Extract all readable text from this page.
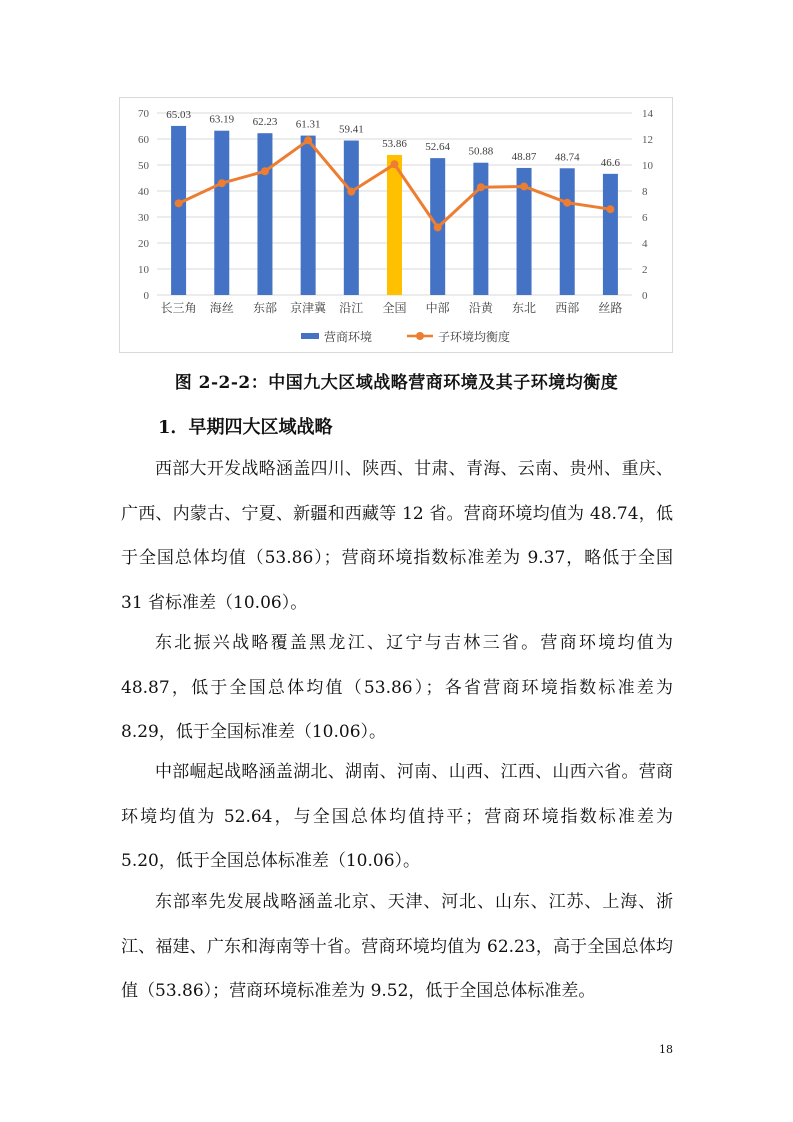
0
10
20
30
40
50
60
70
0
2
4
6
8
10
12
14
65.03
长三角
63.19
海丝
62.23
东部
61.31
京津冀
59.41
沿江
53.86
全国
52.64
中部
50.88
沿黄
48.87
东北
48.74
西部
46.6
丝路
营商环境	子环境均衡度
图 2-2-2：中国九大区域战略营商环境及其子环境均衡度
1．早期四大区域战略

西部大开发战略涵盖四川、陕西、甘肃、青海、云南、贵州、重庆、广西、内蒙古、宁夏、新疆和西藏等 12 省。营商环境均值为 48.74，低于全国总体均值（53.86）；营商环境指数标准差为 9.37，略低于全国 31 省标准差（10.06）。

东北振兴战略覆盖黑龙江、辽宁与吉林三省。营商环境均值为 48.87，低于全国总体均值（53.86）；各省营商环境指数标准差为 8.29，低于全国标准差（10.06）。

中部崛起战略涵盖湖北、湖南、河南、山西、江西、山西六省。营商环境均值为 52.64，与全国总体均值持平；营商环境指数标准差为 5.20，低于全国总体标准差（10.06）。

东部率先发展战略涵盖北京、天津、河北、山东、江苏、上海、浙江、福建、广东和海南等十省。营商环境均值为 62.23，高于全国总体均值（53.86）；营商环境标准差为 9.52，低于全国总体标准差。

18
